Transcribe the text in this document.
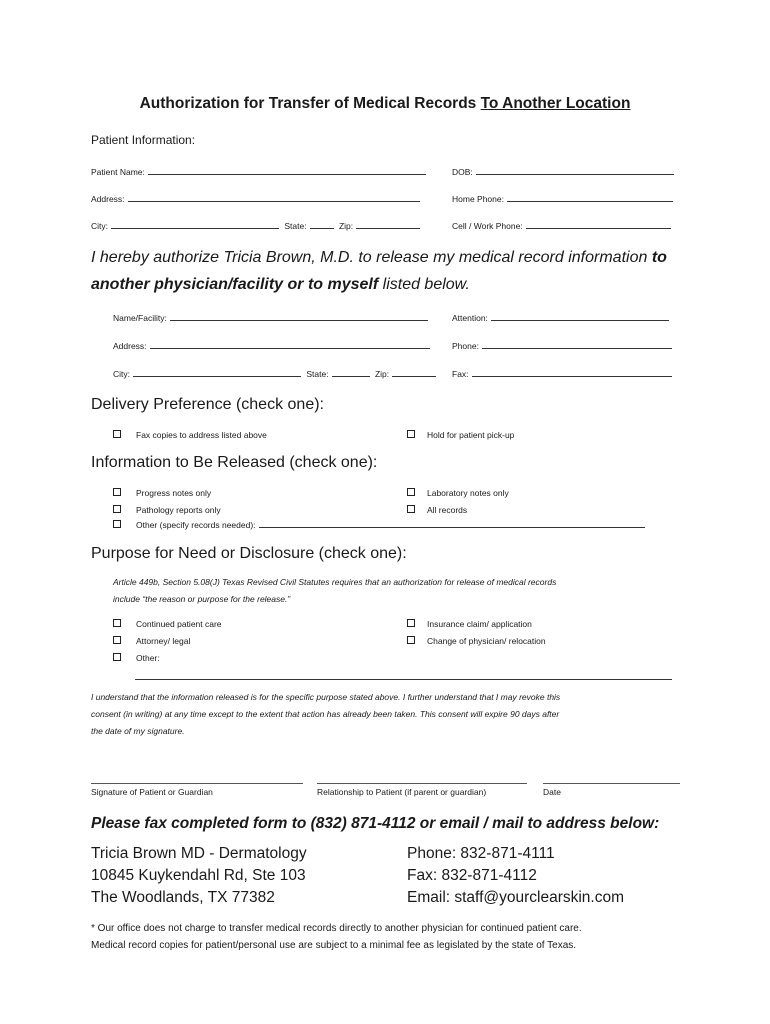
Authorization for Transfer of Medical Records To Another Location
Patient Information:
Patient Name:	DOB:
Address:	Home Phone:
City:	State:	Zip:	Cell / Work Phone:
I hereby authorize Tricia Brown, M.D. to release my medical record information to
another physician/facility or to myself listed below.
Name/Facility:	Attention:
Address:	Phone:
City:	State:	Zip:	Fax:
Delivery Preference (check one):
Fax copies to address listed above	Hold for patient pick-up
Information to Be Released (check one):
Progress notes only	Laboratory notes only
Pathology reports only	All records
Other (specify records needed):
Purpose for Need or Disclosure (check one):
Article 449b, Section 5.08(J) Texas Revised Civil Statutes requires that an authorization for release of medical records
include “the reason or purpose for the release.”
Continued patient care	Insurance claim/ application
Attorney/ legal	Change of physician/ relocation
Other:
I understand that the information released is for the specific purpose stated above. I further understand that I may revoke this
consent (in writing) at any time except to the extent that action has already been taken. This consent will expire 90 days after
the date of my signature.
Signature of Patient or Guardian	Relationship to Patient (if parent or guardian)	Date
Please fax completed form to (832) 871-4112 or email / mail to address below:
Tricia Brown MD - Dermatology
10845 Kuykendahl Rd, Ste 103
The Woodlands, TX 77382
Phone: 832-871-4111
Fax: 832-871-4112
Email: staff@yourclearskin.com
* Our office does not charge to transfer medical records directly to another physician for continued patient care.
Medical record copies for patient/personal use are subject to a minimal fee as legislated by the state of Texas.
